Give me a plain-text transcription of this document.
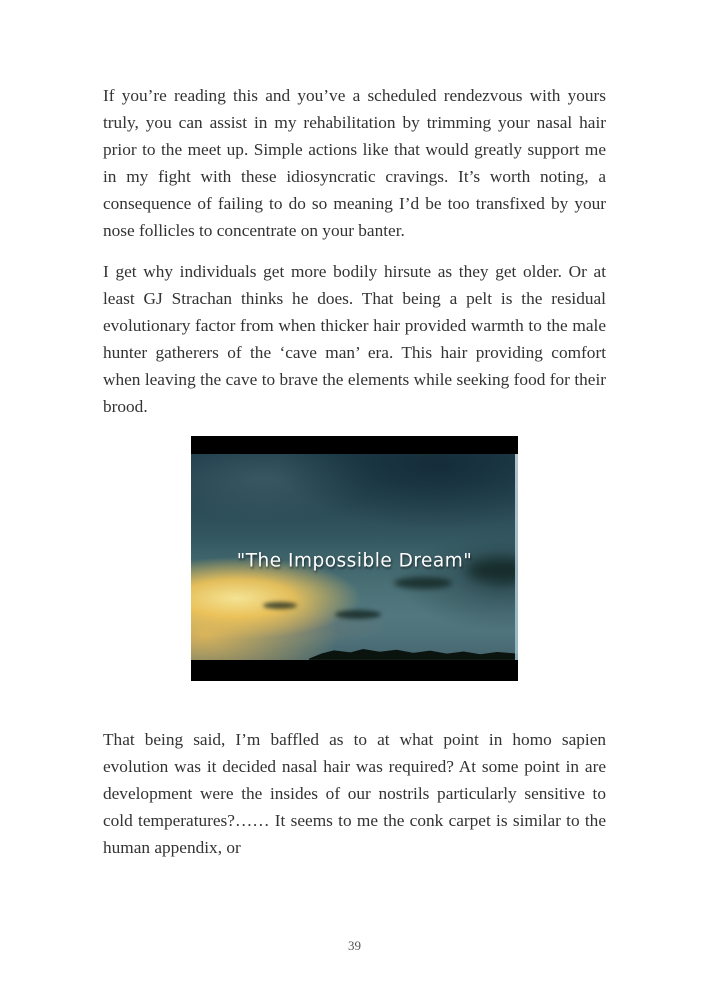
If you’re reading this and you’ve a scheduled rendezvous with yours truly, you can assist in my rehabilitation by trimming your nasal hair prior to the meet up. Simple actions like that would greatly support me in my fight with these idiosyncratic cravings. It’s worth noting, a consequence of failing to do so meaning I’d be too transfixed by your nose follicles to concentrate on your banter.

I get why individuals get more bodily hirsute as they get older. Or at least GJ Strachan thinks he does. That being a pelt is the residual evolutionary factor from when thicker hair provided warmth to the male hunter gatherers of the ‘cave man’ era. This hair providing comfort when leaving the cave to brave the elements while seeking food for their brood.

"The Impossible Dream"

That being said, I’m baffled as to at what point in homo sapien evolution was it decided nasal hair was required? At some point in are development were the insides of our nostrils particularly sensitive to cold temperatures?…… It seems to me the conk carpet is similar to the human appendix, or

39
